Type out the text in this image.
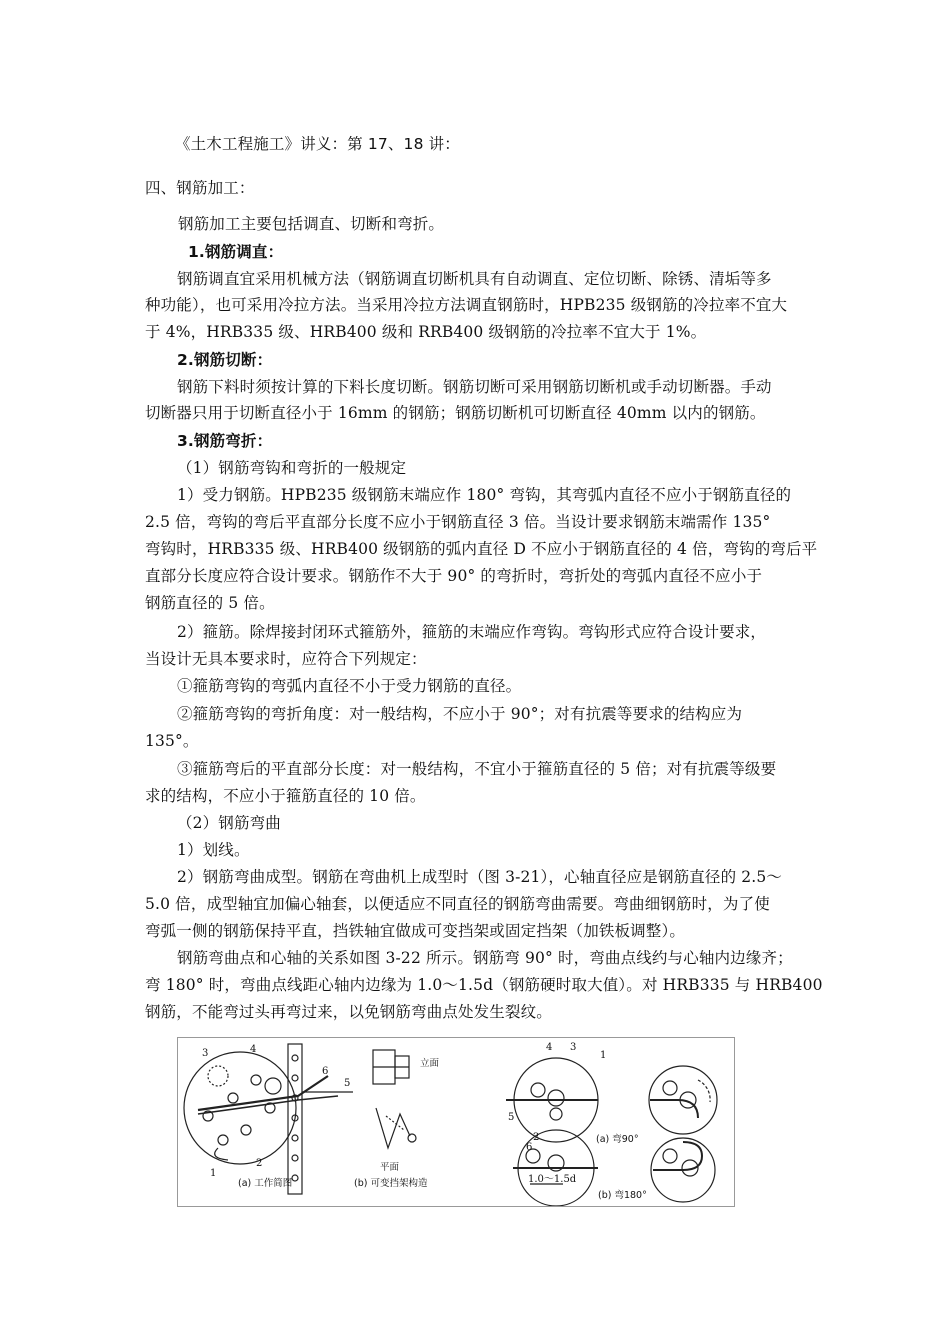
《土木工程施工》讲义：第 17、18 讲：
四、钢筋加工：
钢筋加工主要包括调直、切断和弯折。
1.钢筋调直：
钢筋调直宜采用机械方法（钢筋调直切断机具有自动调直、定位切断、除锈、清垢等多
种功能），也可采用冷拉方法。当采用冷拉方法调直钢筋时，HPB235 级钢筋的冷拉率不宜大
于 4%，HRB335 级、HRB400 级和 RRB400 级钢筋的冷拉率不宜大于 1%。
2.钢筋切断：
钢筋下料时须按计算的下料长度切断。钢筋切断可采用钢筋切断机或手动切断器。手动
切断器只用于切断直径小于 16mm 的钢筋；钢筋切断机可切断直径 40mm 以内的钢筋。
3.钢筋弯折：
（1）钢筋弯钩和弯折的一般规定
1）受力钢筋。HPB235 级钢筋末端应作 180° 弯钩，其弯弧内直径不应小于钢筋直径的
2.5 倍，弯钩的弯后平直部分长度不应小于钢筋直径 3 倍。当设计要求钢筋末端需作 135°
弯钩时，HRB335 级、HRB400 级钢筋的弧内直径 D 不应小于钢筋直径的 4 倍，弯钩的弯后平
直部分长度应符合设计要求。钢筋作不大于 90° 的弯折时，弯折处的弯弧内直径不应小于
钢筋直径的 5 倍。
2）箍筋。除焊接封闭环式箍筋外，箍筋的末端应作弯钩。弯钩形式应符合设计要求，
当设计无具本要求时，应符合下列规定：
①箍筋弯钩的弯弧内直径不小于受力钢筋的直径。
②箍筋弯钩的弯折角度：对一般结构，不应小于 90°；对有抗震等要求的结构应为
135°。
③箍筋弯后的平直部分长度：对一般结构，不宜小于箍筋直径的 5 倍；对有抗震等级要
求的结构，不应小于箍筋直径的 10 倍。
（2）钢筋弯曲
1）划线。
2）钢筋弯曲成型。钢筋在弯曲机上成型时（图 3-21），心轴直径应是钢筋直径的 2.5～
5.0 倍，成型轴宜加偏心轴套，以便适应不同直径的钢筋弯曲需要。弯曲细钢筋时，为了使
弯弧一侧的钢筋保持平直，挡铁轴宜做成可变挡架或固定挡架（加铁板调整）。
钢筋弯曲点和心轴的关系如图 3-22 所示。钢筋弯 90° 时，弯曲点线约与心轴内边缘齐；
弯 180° 时，弯曲点线距心轴内边缘为 1.0～1.5d（钢筋硬时取大值）。对 HRB335 与 HRB400
钢筋，不能弯过头再弯过来，以免钢筋弯曲点处发生裂纹。
3	4
6
5
1
2
(a) 工作简图
立面
平面
(b) 可变挡架构造
4 3
1
5
2	(a) 弯90°
6
1.0～1.5d
(b) 弯180°
